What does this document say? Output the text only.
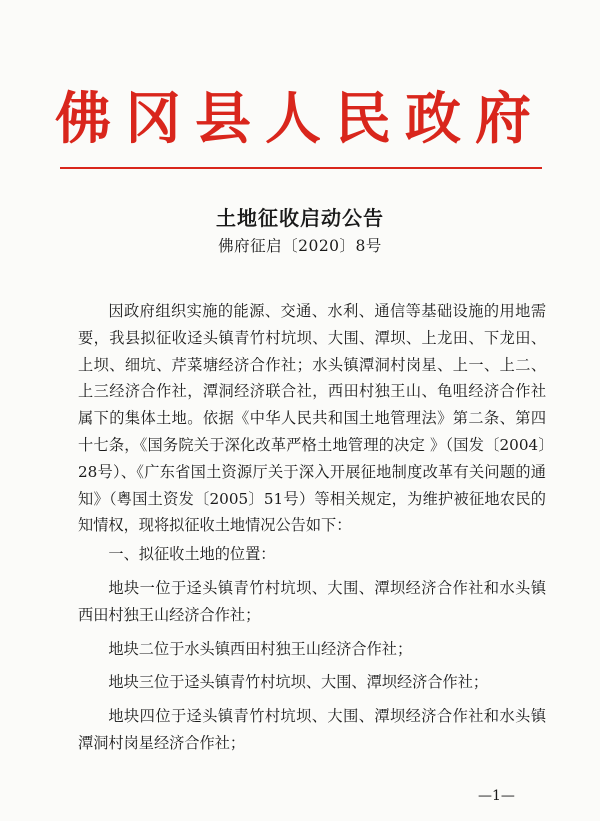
佛冈县人民政府
土地征收启动公告
佛府征启〔2020〕8号

因政府组织实施的能源、交通、水利、通信等基础设施的用地需要，我县拟征收迳头镇青竹村坑坝、大围、潭坝、上龙田、下龙田、上坝、细坑、芹菜塘经济合作社；水头镇潭洞村岗星、上一、上二、上三经济合作社，潭洞经济联合社，西田村独王山、龟咀经济合作社属下的集体土地。依据《中华人民共和国土地管理法》第二条、第四十七条，《国务院关于深化改革严格土地管理的决定 》（国发〔2004〕28号）、《广东省国土资源厅关于深入开展征地制度改革有关问题的通知》（粤国土资发〔2005〕51号）等相关规定，为维护被征地农民的知情权，现将拟征收土地情况公告如下：

一、拟征收土地的位置：

地块一位于迳头镇青竹村坑坝、大围、潭坝经济合作社和水头镇西田村独王山经济合作社；

地块二位于水头镇西田村独王山经济合作社；

地块三位于迳头镇青竹村坑坝、大围、潭坝经济合作社；

地块四位于迳头镇青竹村坑坝、大围、潭坝经济合作社和水头镇潭洞村岗星经济合作社；

—1—
